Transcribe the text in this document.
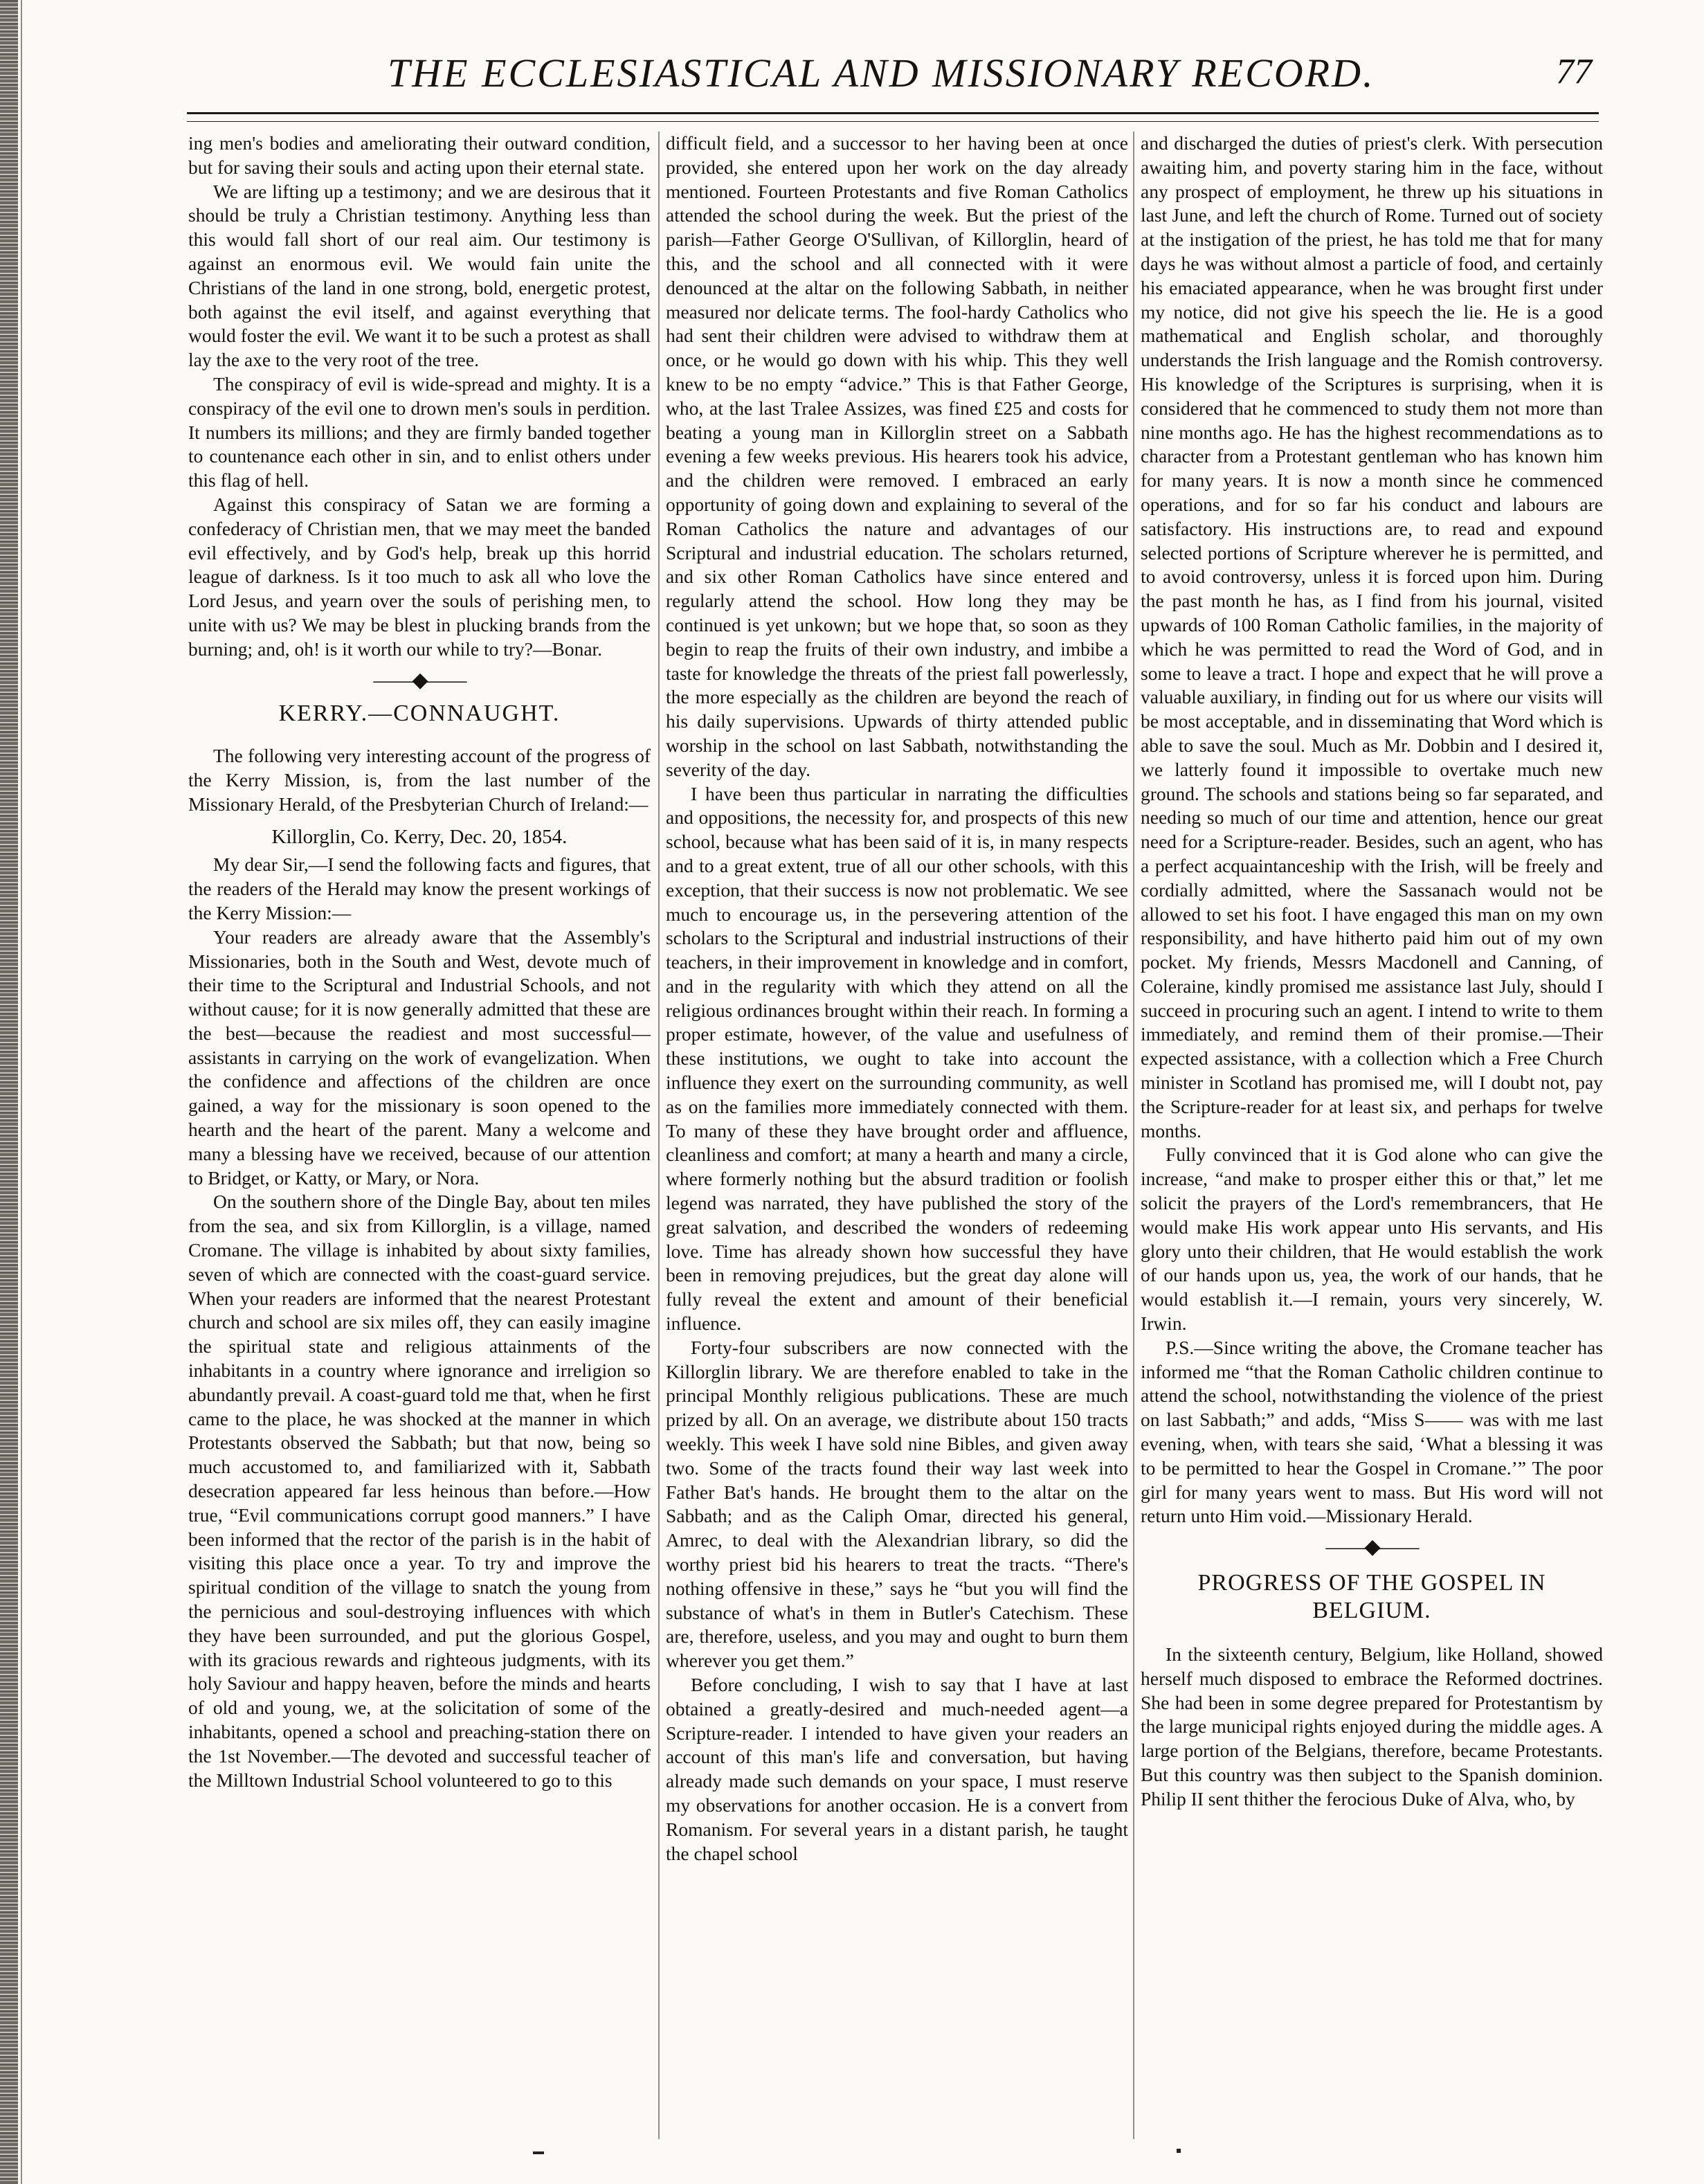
THE ECCLESIASTICAL AND MISSIONARY RECORD.	77

ing men's bodies and ameliorating their outward condition, but for saving their souls and acting upon their eternal state.

We are lifting up a testimony; and we are desirous that it should be truly a Christian testimony. Anything less than this would fall short of our real aim. Our testimony is against an enormous evil. We would fain unite the Christians of the land in one strong, bold, energetic protest, both against the evil itself, and against everything that would foster the evil. We want it to be such a protest as shall lay the axe to the very root of the tree.

The conspiracy of evil is wide-spread and mighty. It is a conspiracy of the evil one to drown men's souls in perdition. It numbers its millions; and they are firmly banded together to countenance each other in sin, and to enlist others under this flag of hell.

Against this conspiracy of Satan we are forming a confederacy of Christian men, that we may meet the banded evil effectively, and by God's help, break up this horrid league of darkness. Is it too much to ask all who love the Lord Jesus, and yearn over the souls of perishing men, to unite with us? We may be blest in plucking brands from the burning; and, oh! is it worth our while to try?—Bonar.

——◆——
KERRY.—CONNAUGHT.

The following very interesting account of the progress of the Kerry Mission, is, from the last number of the Missionary Herald, of the Presbyterian Church of Ireland:—

Killorglin, Co. Kerry, Dec. 20, 1854.

My dear Sir,—I send the following facts and figures, that the readers of the Herald may know the present workings of the Kerry Mission:—

Your readers are already aware that the Assembly's Missionaries, both in the South and West, devote much of their time to the Scriptural and Industrial Schools, and not without cause; for it is now generally admitted that these are the best—because the readiest and most successful—assistants in carrying on the work of evangelization. When the confidence and affections of the children are once gained, a way for the missionary is soon opened to the hearth and the heart of the parent. Many a welcome and many a blessing have we received, because of our attention to Bridget, or Katty, or Mary, or Nora.

On the southern shore of the Dingle Bay, about ten miles from the sea, and six from Killorglin, is a village, named Cromane. The village is inhabited by about sixty families, seven of which are connected with the coast-guard service. When your readers are informed that the nearest Protestant church and school are six miles off, they can easily imagine the spiritual state and religious attainments of the inhabitants in a country where ignorance and irreligion so abundantly prevail. A coast-guard told me that, when he first came to the place, he was shocked at the manner in which Protestants observed the Sabbath; but that now, being so much accustomed to, and familiarized with it, Sabbath desecration appeared far less heinous than before.—How true, “Evil communications corrupt good manners.” I have been informed that the rector of the parish is in the habit of visiting this place once a year. To try and improve the spiritual condition of the village to snatch the young from the pernicious and soul-destroying influences with which they have been surrounded, and put the glorious Gospel, with its gracious rewards and righteous judgments, with its holy Saviour and happy heaven, before the minds and hearts of old and young, we, at the solicitation of some of the inhabitants, opened a school and preaching-station there on the 1st November.—The devoted and successful teacher of the Milltown Industrial School volunteered to go to this

difficult field, and a successor to her having been at once provided, she entered upon her work on the day already mentioned. Fourteen Protestants and five Roman Catholics attended the school during the week. But the priest of the parish—Father George O'Sullivan, of Killorglin, heard of this, and the school and all connected with it were denounced at the altar on the following Sabbath, in neither measured nor delicate terms. The fool-hardy Catholics who had sent their children were advised to withdraw them at once, or he would go down with his whip. This they well knew to be no empty “advice.” This is that Father George, who, at the last Tralee Assizes, was fined £25 and costs for beating a young man in Killorglin street on a Sabbath evening a few weeks previous. His hearers took his advice, and the children were removed. I embraced an early opportunity of going down and explaining to several of the Roman Catholics the nature and advantages of our Scriptural and industrial education. The scholars returned, and six other Roman Catholics have since entered and regularly attend the school. How long they may be continued is yet unkown; but we hope that, so soon as they begin to reap the fruits of their own industry, and imbibe a taste for knowledge the threats of the priest fall powerlessly, the more especially as the children are beyond the reach of his daily supervisions. Upwards of thirty attended public worship in the school on last Sabbath, notwithstanding the severity of the day.

I have been thus particular in narrating the difficulties and oppositions, the necessity for, and prospects of this new school, because what has been said of it is, in many respects and to a great extent, true of all our other schools, with this exception, that their success is now not problematic. We see much to encourage us, in the persevering attention of the scholars to the Scriptural and industrial instructions of their teachers, in their improvement in knowledge and in comfort, and in the regularity with which they attend on all the religious ordinances brought within their reach. In forming a proper estimate, however, of the value and usefulness of these institutions, we ought to take into account the influence they exert on the surrounding community, as well as on the families more immediately connected with them. To many of these they have brought order and affluence, cleanliness and comfort; at many a hearth and many a circle, where formerly nothing but the absurd tradition or foolish legend was narrated, they have published the story of the great salvation, and described the wonders of redeeming love. Time has already shown how successful they have been in removing prejudices, but the great day alone will fully reveal the extent and amount of their beneficial influence.

Forty-four subscribers are now connected with the Killorglin library. We are therefore enabled to take in the principal Monthly religious publications. These are much prized by all. On an average, we distribute about 150 tracts weekly. This week I have sold nine Bibles, and given away two. Some of the tracts found their way last week into Father Bat's hands. He brought them to the altar on the Sabbath; and as the Caliph Omar, directed his general, Amrec, to deal with the Alexandrian library, so did the worthy priest bid his hearers to treat the tracts. “There's nothing offensive in these,” says he “but you will find the substance of what's in them in Butler's Catechism. These are, therefore, useless, and you may and ought to burn them wherever you get them.”

Before concluding, I wish to say that I have at last obtained a greatly-desired and much-needed agent—a Scripture-reader. I intended to have given your readers an account of this man's life and conversation, but having already made such demands on your space, I must reserve my observations for another occasion. He is a convert from Romanism. For several years in a distant parish, he taught the chapel school

and discharged the duties of priest's clerk. With persecution awaiting him, and poverty staring him in the face, without any prospect of employment, he threw up his situations in last June, and left the church of Rome. Turned out of society at the instigation of the priest, he has told me that for many days he was without almost a particle of food, and certainly his emaciated appearance, when he was brought first under my notice, did not give his speech the lie. He is a good mathematical and English scholar, and thoroughly understands the Irish language and the Romish controversy. His knowledge of the Scriptures is surprising, when it is considered that he commenced to study them not more than nine months ago. He has the highest recommendations as to character from a Protestant gentleman who has known him for many years. It is now a month since he commenced operations, and for so far his conduct and labours are satisfactory. His instructions are, to read and expound selected portions of Scripture wherever he is permitted, and to avoid controversy, unless it is forced upon him. During the past month he has, as I find from his journal, visited upwards of 100 Roman Catholic families, in the majority of which he was permitted to read the Word of God, and in some to leave a tract. I hope and expect that he will prove a valuable auxiliary, in finding out for us where our visits will be most acceptable, and in disseminating that Word which is able to save the soul. Much as Mr. Dobbin and I desired it, we latterly found it impossible to overtake much new ground. The schools and stations being so far separated, and needing so much of our time and attention, hence our great need for a Scripture-reader. Besides, such an agent, who has a perfect acquaintanceship with the Irish, will be freely and cordially admitted, where the Sassanach would not be allowed to set his foot. I have engaged this man on my own responsibility, and have hitherto paid him out of my own pocket. My friends, Messrs Macdonell and Canning, of Coleraine, kindly promised me assistance last July, should I succeed in procuring such an agent. I intend to write to them immediately, and remind them of their promise.—Their expected assistance, with a collection which a Free Church minister in Scotland has promised me, will I doubt not, pay the Scripture-reader for at least six, and perhaps for twelve months.

Fully convinced that it is God alone who can give the increase, “and make to prosper either this or that,” let me solicit the prayers of the Lord's remembrancers, that He would make His work appear unto His servants, and His glory unto their children, that He would establish the work of our hands upon us, yea, the work of our hands, that he would establish it.—I remain, yours very sincerely, W. Irwin.

P.S.—Since writing the above, the Cromane teacher has informed me “that the Roman Catholic children continue to attend the school, notwithstanding the violence of the priest on last Sabbath;” and adds, “Miss S—— was with me last evening, when, with tears she said, ‘What a blessing it was to be permitted to hear the Gospel in Cromane.’” The poor girl for many years went to mass. But His word will not return unto Him void.—Missionary Herald.

——◆——
PROGRESS OF THE GOSPEL IN BELGIUM.

In the sixteenth century, Belgium, like Holland, showed herself much disposed to embrace the Reformed doctrines. She had been in some degree prepared for Protestantism by the large municipal rights enjoyed during the middle ages. A large portion of the Belgians, therefore, became Protestants. But this country was then subject to the Spanish dominion. Philip II sent thither the ferocious Duke of Alva, who, by
